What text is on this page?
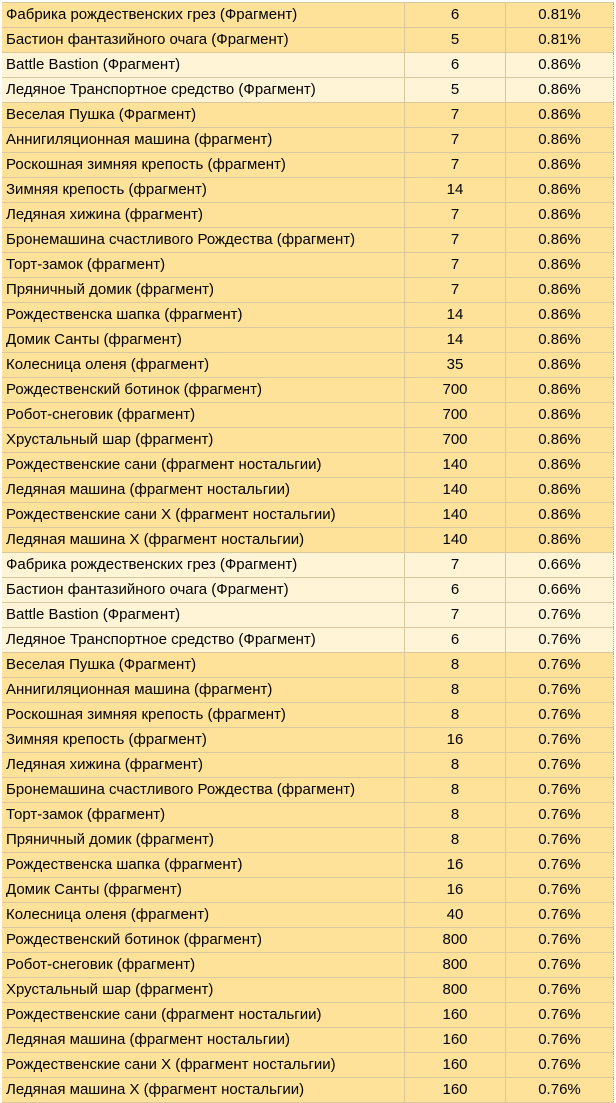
Фабрика рождественских грез (Фрагмент)	6	0.81%
Бастион фантазийного очага (Фрагмент)	5	0.81%
Battle Bastion (Фрагмент)	6	0.86%
Ледяное Транспортное средство (Фрагмент)	5	0.86%
Веселая Пушка (Фрагмент)	7	0.86%
Аннигиляционная машина (фрагмент)	7	0.86%
Роскошная зимняя крепость (фрагмент)	7	0.86%
Зимняя крепость (фрагмент)	14	0.86%
Ледяная хижина (фрагмент)	7	0.86%
Бронемашина счастливого Рождества (фрагмент)	7	0.86%
Торт-замок (фрагмент)	7	0.86%
Пряничный домик (фрагмент)	7	0.86%
Рождественска шапка (фрагмент)	14	0.86%
Домик Санты (фрагмент)	14	0.86%
Колесница оленя (фрагмент)	35	0.86%
Рождественский ботинок (фрагмент)	700	0.86%
Робот-снеговик (фрагмент)	700	0.86%
Хрустальный шар (фрагмент)	700	0.86%
Рождественские сани (фрагмент ностальгии)	140	0.86%
Ледяная машина (фрагмент ностальгии)	140	0.86%
Рождественские сани X (фрагмент ностальгии)	140	0.86%
Ледяная машина X (фрагмент ностальгии)	140	0.86%
Фабрика рождественских грез (Фрагмент)	7	0.66%
Бастион фантазийного очага (Фрагмент)	6	0.66%
Battle Bastion (Фрагмент)	7	0.76%
Ледяное Транспортное средство (Фрагмент)	6	0.76%
Веселая Пушка (Фрагмент)	8	0.76%
Аннигиляционная машина (фрагмент)	8	0.76%
Роскошная зимняя крепость (фрагмент)	8	0.76%
Зимняя крепость (фрагмент)	16	0.76%
Ледяная хижина (фрагмент)	8	0.76%
Бронемашина счастливого Рождества (фрагмент)	8	0.76%
Торт-замок (фрагмент)	8	0.76%
Пряничный домик (фрагмент)	8	0.76%
Рождественска шапка (фрагмент)	16	0.76%
Домик Санты (фрагмент)	16	0.76%
Колесница оленя (фрагмент)	40	0.76%
Рождественский ботинок (фрагмент)	800	0.76%
Робот-снеговик (фрагмент)	800	0.76%
Хрустальный шар (фрагмент)	800	0.76%
Рождественские сани (фрагмент ностальгии)	160	0.76%
Ледяная машина (фрагмент ностальгии)	160	0.76%
Рождественские сани X (фрагмент ностальгии)	160	0.76%
Ледяная машина X (фрагмент ностальгии)	160	0.76%
